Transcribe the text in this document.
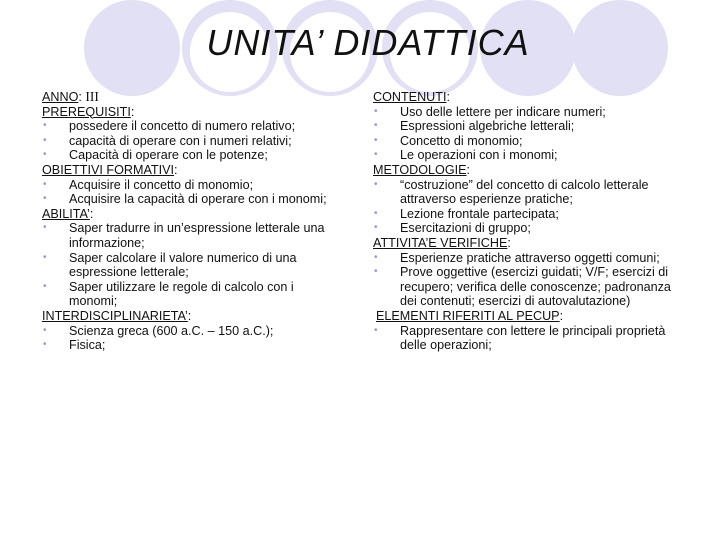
UNITA’ DIDATTICA
ANNO: III
PREREQUISITI:
• possedere il concetto di numero relativo;
• capacità di operare con i numeri relativi;
• Capacità di operare con le potenze;
OBIETTIVI FORMATIVI:
• Acquisire il concetto di monomio;
• Acquisire la capacità di operare con i monomi;
ABILITA’:
• Saper tradurre in un’espressione letterale una informazione;
• Saper calcolare il valore numerico di una espressione letterale;
• Saper utilizzare le regole di calcolo con i monomi;
INTERDISCIPLINARIETA’:
• Scienza greca (600 a.C. – 150 a.C.);
• Fisica;
CONTENUTI:
• Uso delle lettere per indicare numeri;
• Espressioni algebriche letterali;
• Concetto di monomio;
• Le operazioni con i monomi;
METODOLOGIE:
• “costruzione” del concetto di calcolo letterale attraverso esperienze pratiche;
• Lezione frontale partecipata;
• Esercitazioni di gruppo;
ATTIVITA’E VERIFICHE:
• Esperienze pratiche attraverso oggetti comuni;
• Prove oggettive (esercizi guidati; V/F; esercizi di recupero; verifica delle conoscenze; padronanza dei contenuti; esercizi di autovalutazione)
ELEMENTI RIFERITI AL PECUP:
• Rappresentare con lettere le principali proprietà delle operazioni;
